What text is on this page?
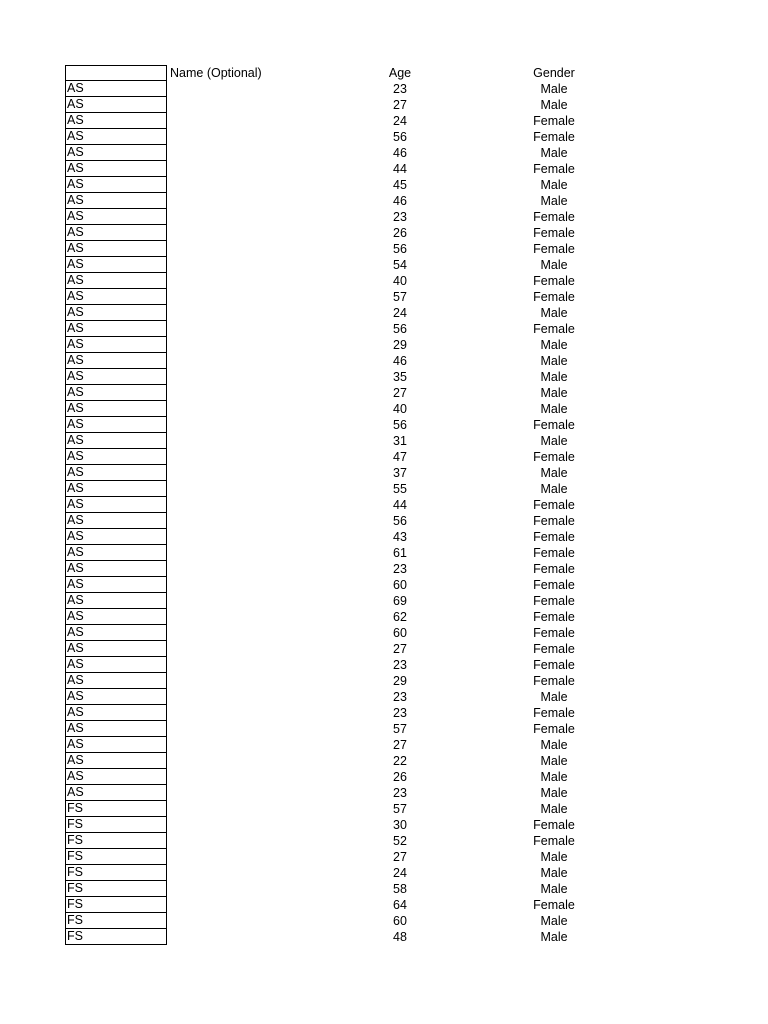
Name (Optional)	Age	Gender
AS	23	Male
AS	27	Male
AS	24	Female
AS	56	Female
AS	46	Male
AS	44	Female
AS	45	Male
AS	46	Male
AS	23	Female
AS	26	Female
AS	56	Female
AS	54	Male
AS	40	Female
AS	57	Female
AS	24	Male
AS	56	Female
AS	29	Male
AS	46	Male
AS	35	Male
AS	27	Male
AS	40	Male
AS	56	Female
AS	31	Male
AS	47	Female
AS	37	Male
AS	55	Male
AS	44	Female
AS	56	Female
AS	43	Female
AS	61	Female
AS	23	Female
AS	60	Female
AS	69	Female
AS	62	Female
AS	60	Female
AS	27	Female
AS	23	Female
AS	29	Female
AS	23	Male
AS	23	Female
AS	57	Female
AS	27	Male
AS	22	Male
AS	26	Male
AS	23	Male
FS	57	Male
FS	30	Female
FS	52	Female
FS	27	Male
FS	24	Male
FS	58	Male
FS	64	Female
FS	60	Male
FS	48	Male
